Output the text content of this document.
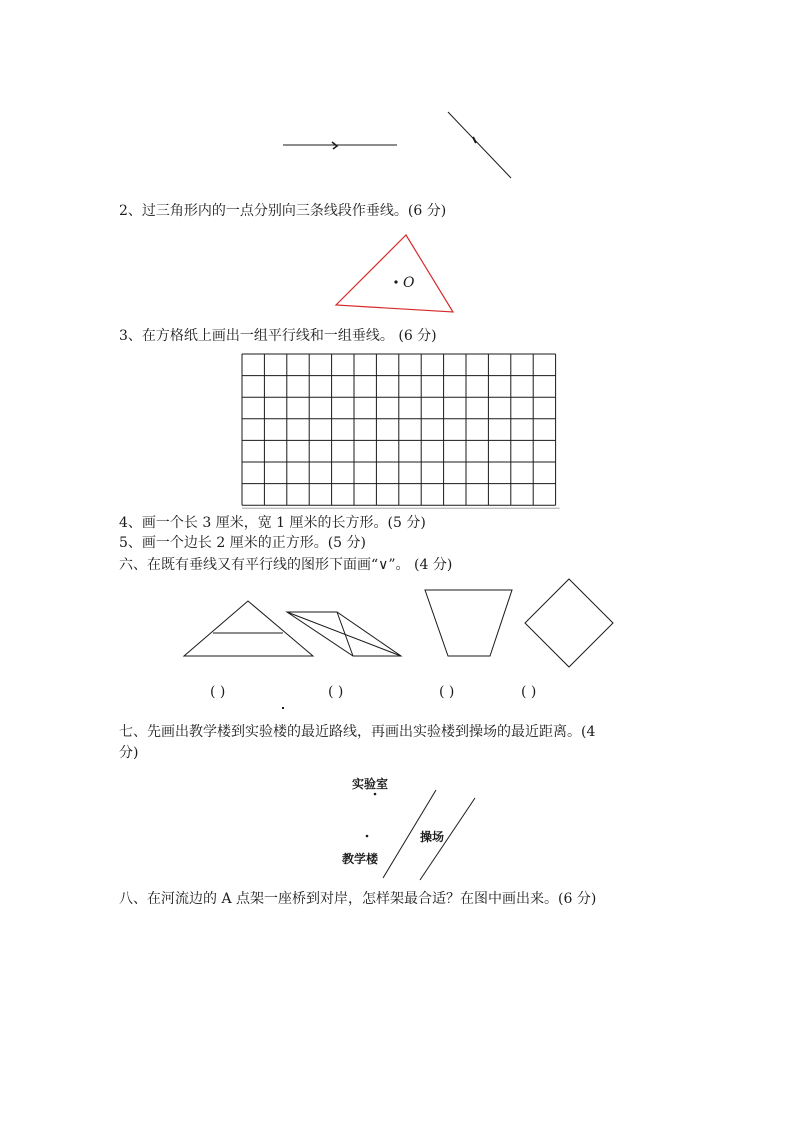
2、过三角形内的一点分别向三条线段作垂线。(6 分)
O
3、在方格纸上画出一组平行线和一组垂线。 (6 分)
4、画一个长 3 厘米，宽 1 厘米的长方形。(5 分)
5、画一个边长 2 厘米的正方形。(5 分)
六、在既有垂线又有平行线的图形下面画“∨”。 (4 分)
( )	( )	( )	( )
七、先画出教学楼到实验楼的最近路线，再画出实验楼到操场的最近距离。(4
分)
实验室
操场
教学楼
八、在河流边的 A 点架一座桥到对岸，怎样架最合适？在图中画出来。(6 分)
